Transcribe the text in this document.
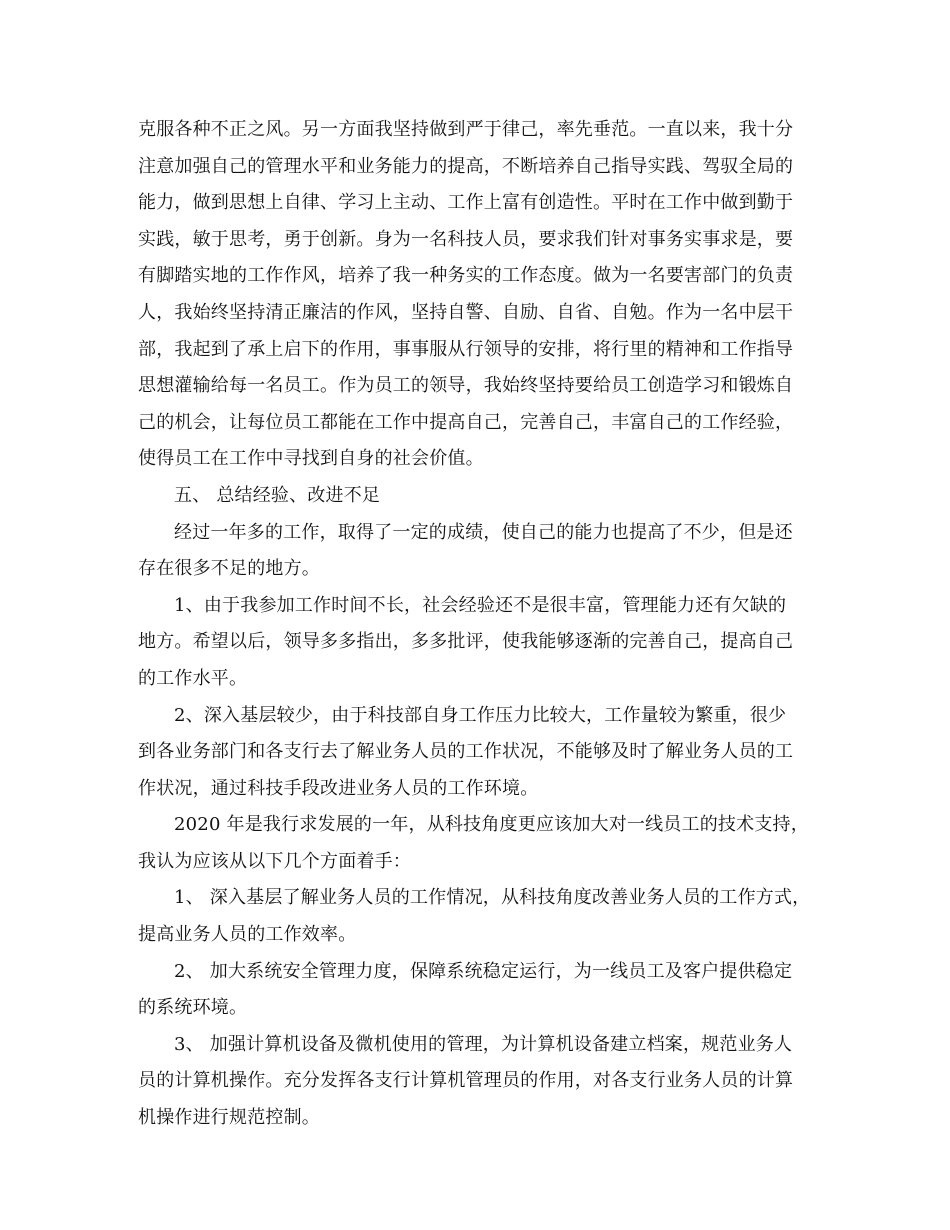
克服各种不正之风。另一方面我坚持做到严于律己，率先垂范。一直以来，我十分
注意加强自己的管理水平和业务能力的提高，不断培养自己指导实践、驾驭全局的
能力，做到思想上自律、学习上主动、工作上富有创造性。平时在工作中做到勤于
实践，敏于思考，勇于创新。身为一名科技人员，要求我们针对事务实事求是，要
有脚踏实地的工作作风，培养了我一种务实的工作态度。做为一名要害部门的负责
人，我始终坚持清正廉洁的作风，坚持自警、自励、自省、自勉。作为一名中层干
部，我起到了承上启下的作用，事事服从行领导的安排，将行里的精神和工作指导
思想灌输给每一名员工。作为员工的领导，我始终坚持要给员工创造学习和锻炼自
己的机会，让每位员工都能在工作中提高自己，完善自己，丰富自己的工作经验，
使得员工在工作中寻找到自身的社会价值。
五、 总结经验、改进不足
经过一年多的工作，取得了一定的成绩，使自己的能力也提高了不少，但是还
存在很多不足的地方。
1、由于我参加工作时间不长，社会经验还不是很丰富，管理能力还有欠缺的
地方。希望以后，领导多多指出，多多批评，使我能够逐渐的完善自己，提高自己
的工作水平。
2、深入基层较少，由于科技部自身工作压力比较大，工作量较为繁重，很少
到各业务部门和各支行去了解业务人员的工作状况，不能够及时了解业务人员的工
作状况，通过科技手段改进业务人员的工作环境。
2020 年是我行求发展的一年，从科技角度更应该加大对一线员工的技术支持，
我认为应该从以下几个方面着手：
1、 深入基层了解业务人员的工作情况，从科技角度改善业务人员的工作方式，
提高业务人员的工作效率。
2、 加大系统安全管理力度，保障系统稳定运行，为一线员工及客户提供稳定
的系统环境。
3、 加强计算机设备及微机使用的管理，为计算机设备建立档案，规范业务人
员的计算机操作。充分发挥各支行计算机管理员的作用，对各支行业务人员的计算
机操作进行规范控制。
